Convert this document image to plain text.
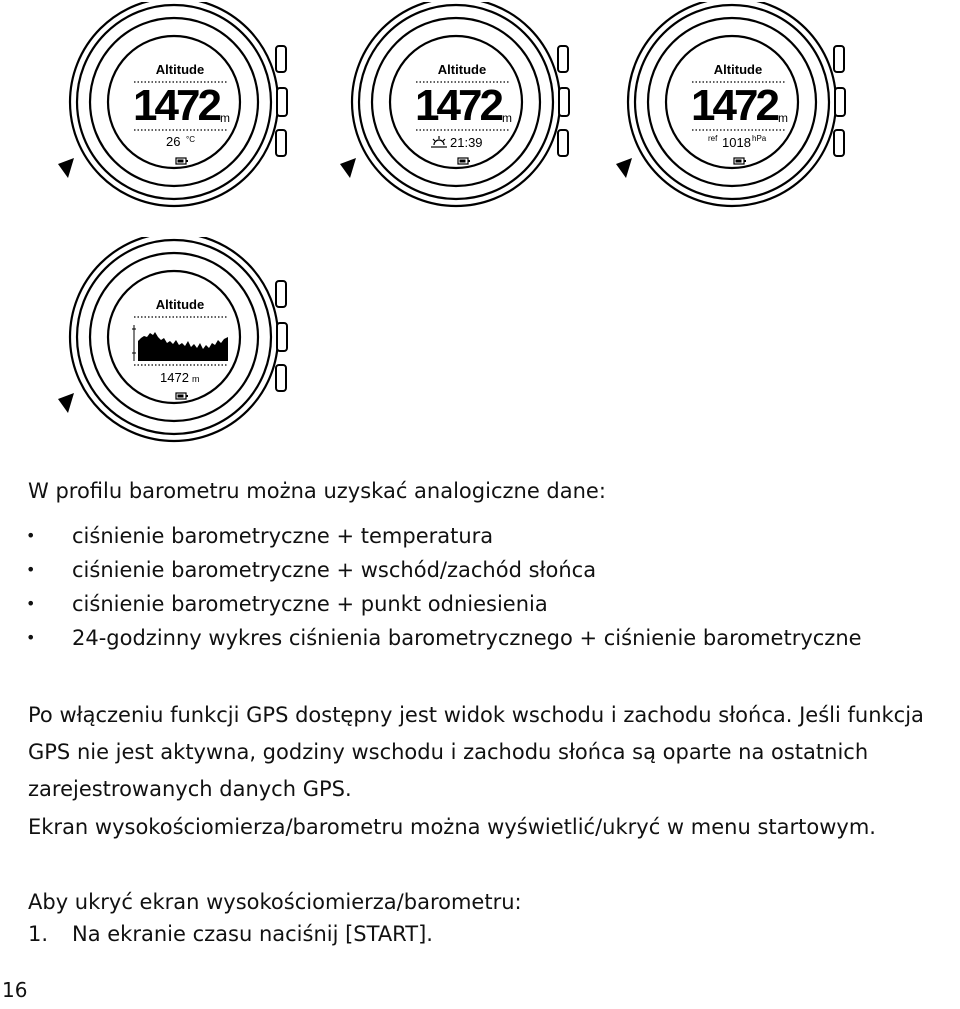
Altitude
1472 m
26 °C
Altitude
1472 m
21:39
Altitude
1472 m
ref 1018 hPa
Altitude
1472 m
W profilu barometru można uzyskać analogiczne dane:
• ciśnienie barometryczne + temperatura
• ciśnienie barometryczne + wschód/zachód słońca
• ciśnienie barometryczne + punkt odniesienia
• 24-godzinny wykres ciśnienia barometrycznego + ciśnienie barometryczne
Po włączeniu funkcji GPS dostępny jest widok wschodu i zachodu słońca. Jeśli funkcja GPS nie jest aktywna, godziny wschodu i zachodu słońca są oparte na ostatnich zarejestrowanych danych GPS.
Ekran wysokościomierza/barometru można wyświetlić/ukryć w menu startowym.
Aby ukryć ekran wysokościomierza/barometru:
1. Na ekranie czasu naciśnij [START].
16
